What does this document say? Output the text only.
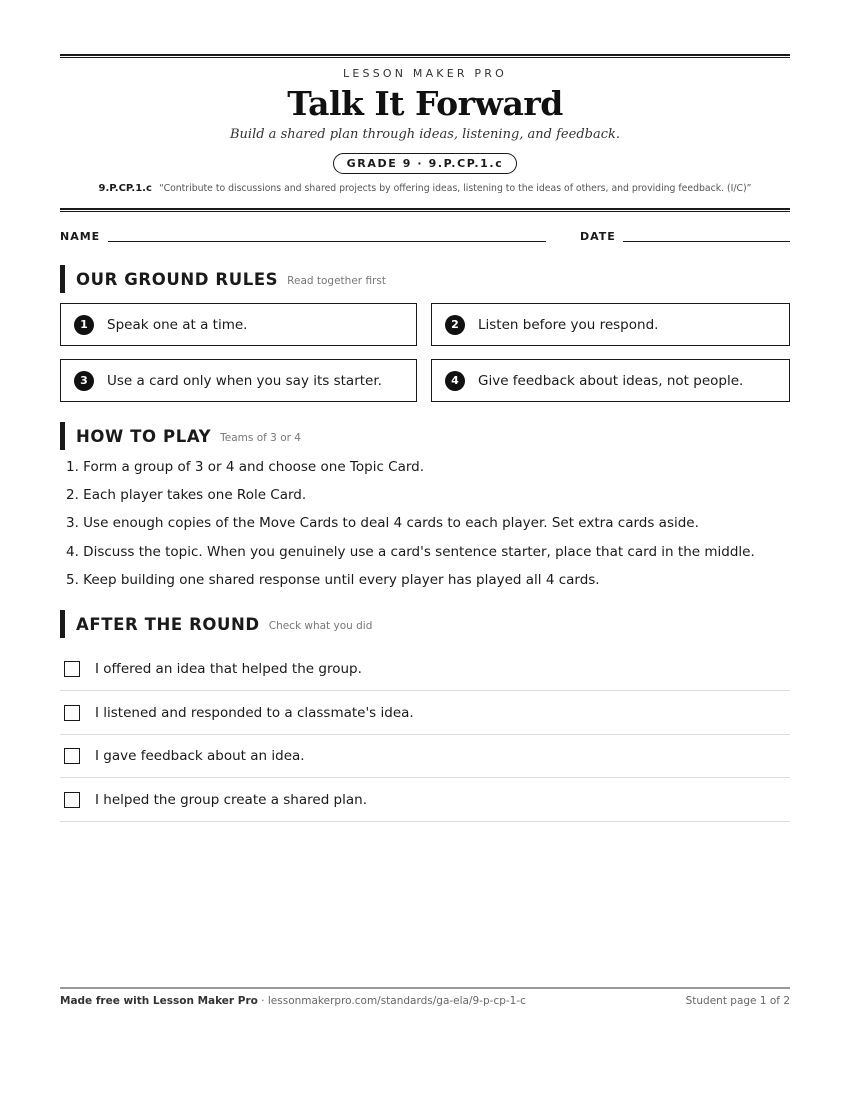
LESSON MAKER PRO
Talk It Forward
Build a shared plan through ideas, listening, and feedback.
GRADE 9 · 9.P.CP.1.c
9.P.CP.1.c “Contribute to discussions and shared projects by offering ideas, listening to the ideas of others, and providing feedback. (I/C)”
NAME	DATE
OUR GROUND RULES Read together first
1	Speak one at a time.	2	Listen before you respond.
3	Use a card only when you say its starter.	4	Give feedback about ideas, not people.
HOW TO PLAY Teams of 3 or 4
1. Form a group of 3 or 4 and choose one Topic Card.
2. Each player takes one Role Card.
3. Use enough copies of the Move Cards to deal 4 cards to each player. Set extra cards aside.
4. Discuss the topic. When you genuinely use a card's sentence starter, place that card in the middle.
5. Keep building one shared response until every player has played all 4 cards.
AFTER THE ROUND Check what you did
I offered an idea that helped the group.
I listened and responded to a classmate's idea.
I gave feedback about an idea.
I helped the group create a shared plan.
Made free with Lesson Maker Pro · lessonmakerpro.com/standards/ga-ela/9-p-cp-1-c	Student page 1 of 2
